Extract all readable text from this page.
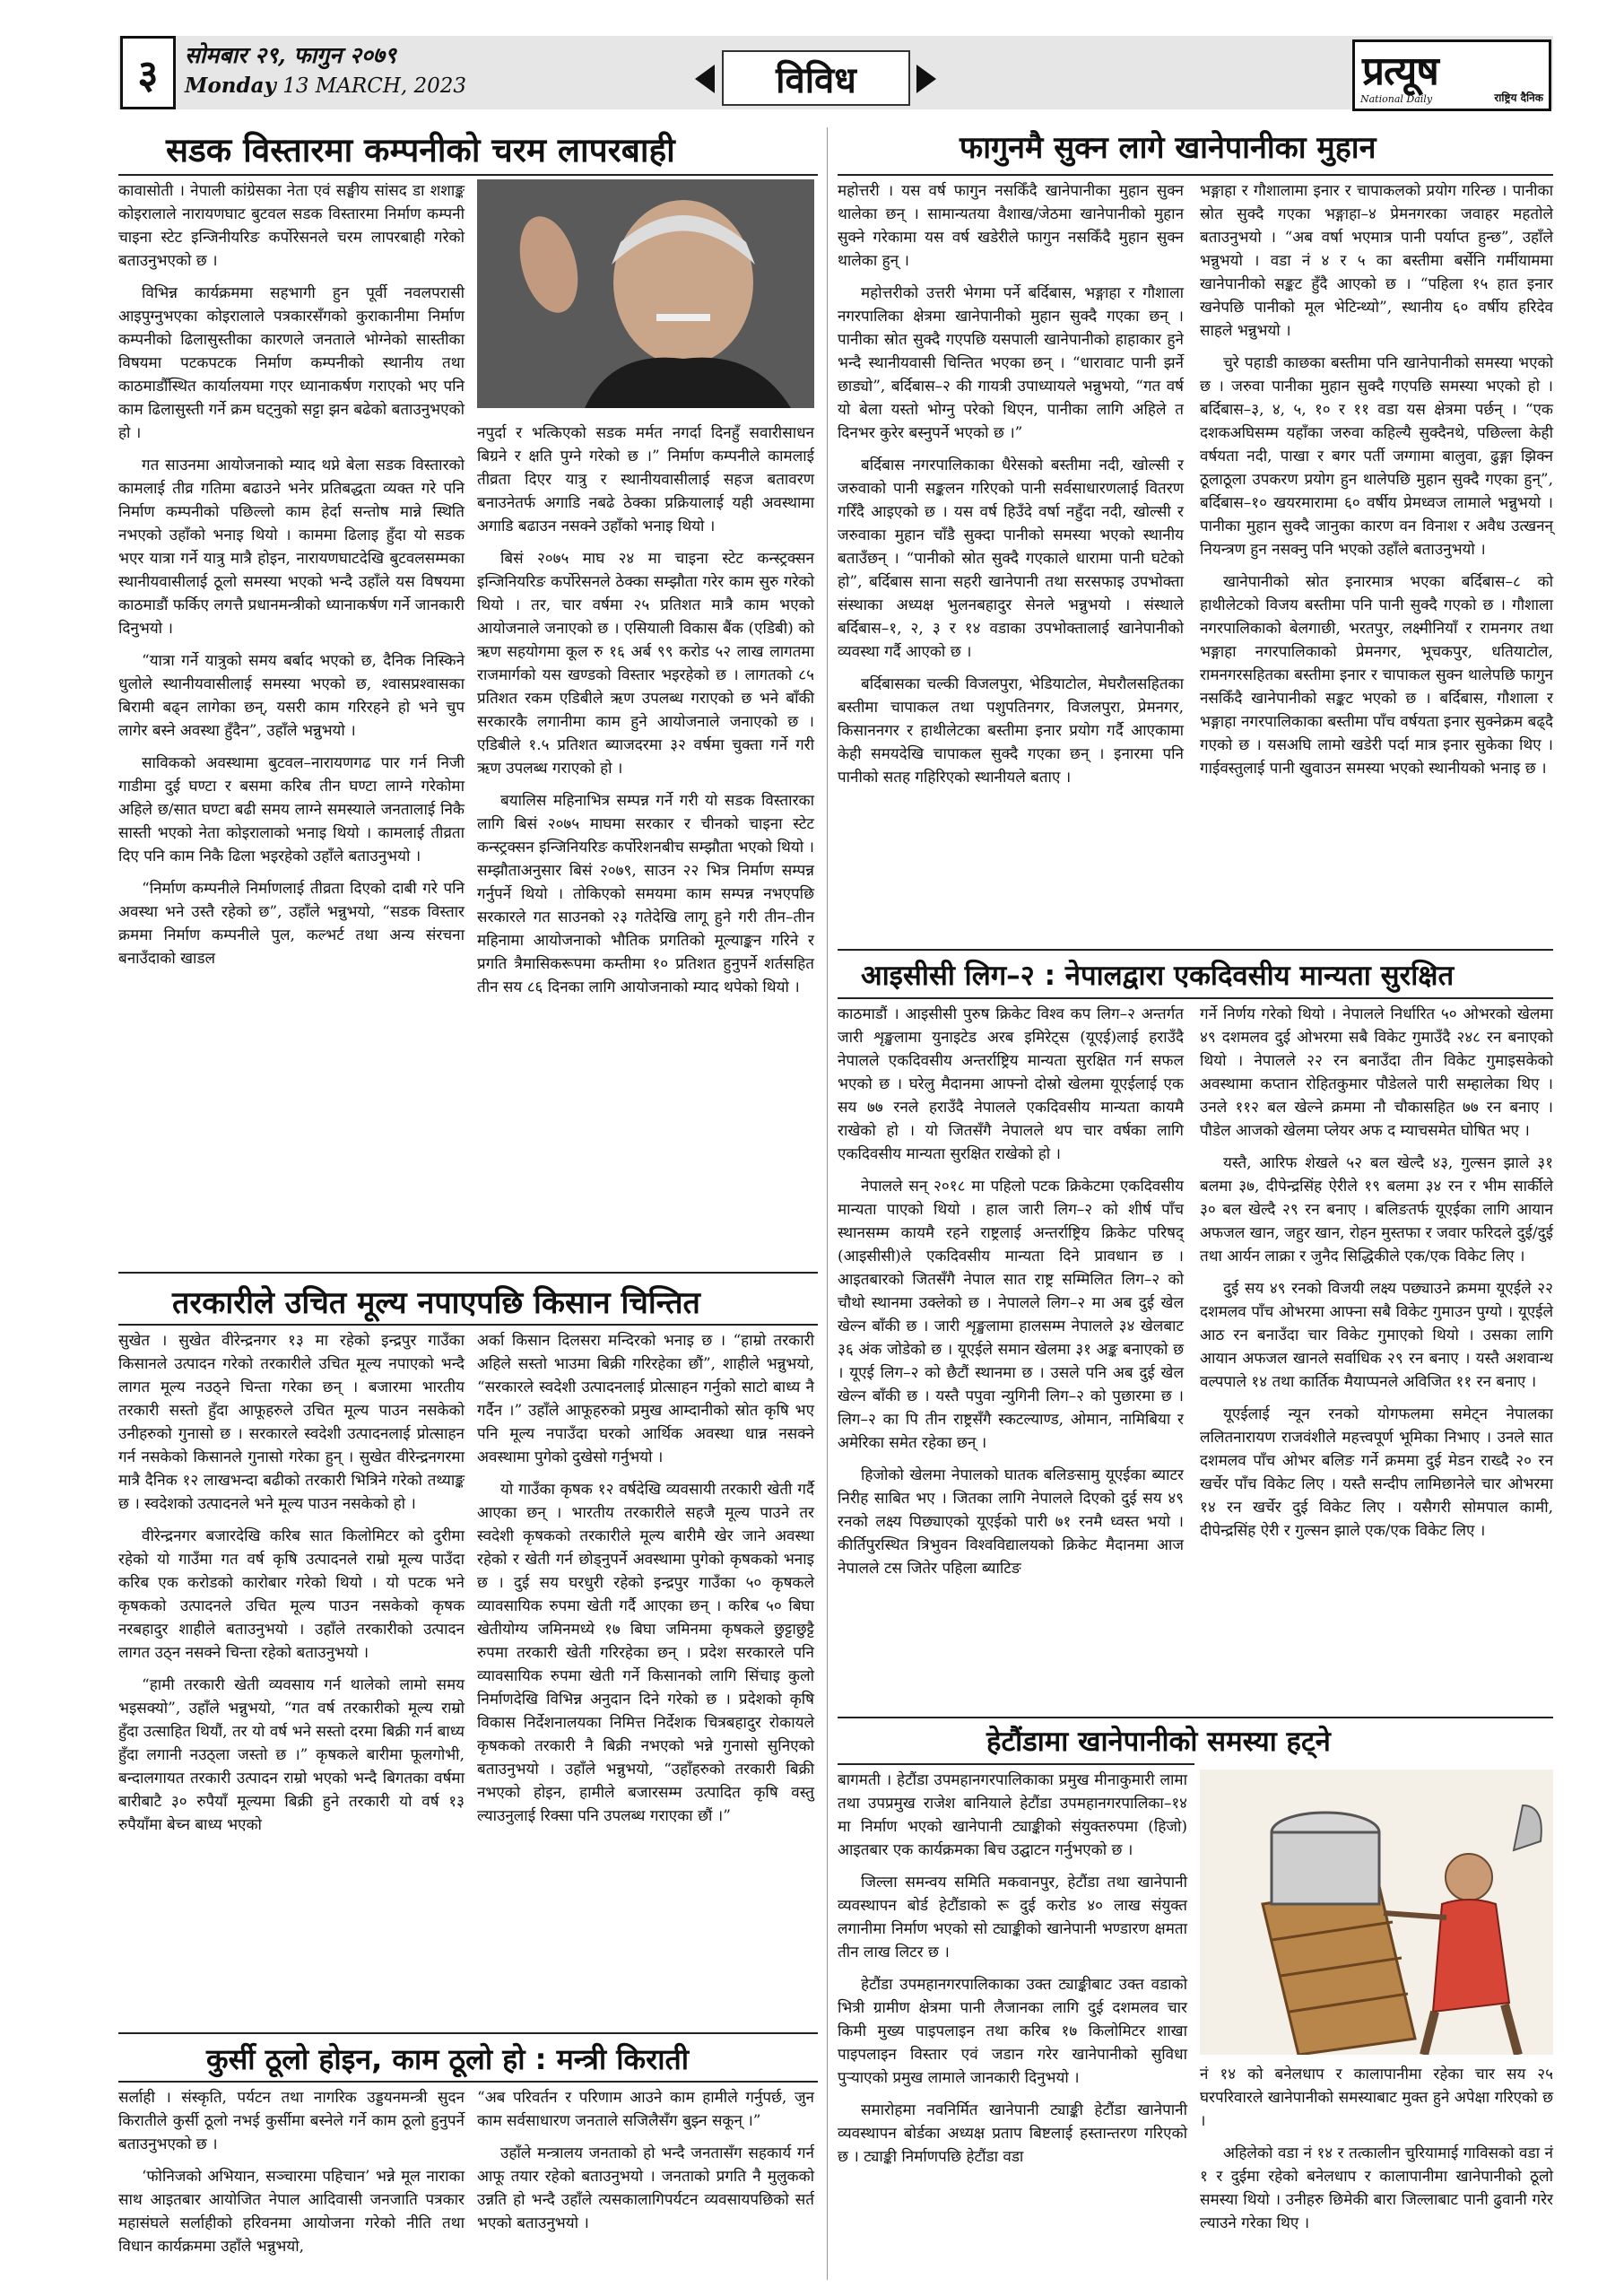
३	सोमबार २९, फागुन २०७९
Monday 13 MARCH, 2023	विविध	प्रत्यूष
National Daily	राष्ट्रिय दैनिक
सडक विस्तारमा कम्पनीको चरम लापरबाही

कावासोती । नेपाली कांग्रेसका नेता एवं सङ्घीय सांसद डा शशाङ्क कोइरालाले नारायणघाट बुटवल सडक विस्तारमा निर्माण कम्पनी चाइना स्टेट इन्जिनीयरिङ कर्पोरेसनले चरम लापरबाही गरेको बताउनुभएको छ ।

विभिन्न कार्यक्रममा सहभागी हुन पूर्वी नवलपरासी आइपुग्नुभएका कोइरालाले पत्रकारसँगको कुराकानीमा निर्माण कम्पनीको ढिलासुस्तीका कारणले जनताले भोग्नेको सास्तीका विषयमा पटकपटक निर्माण कम्पनीको स्थानीय तथा काठमाडौँस्थित कार्यालयमा गएर ध्यानाकर्षण गराएको भए पनि काम ढिलासुस्ती गर्ने क्रम घट्नुको सट्टा झन बढेको बताउनुभएको हो ।

गत साउनमा आयोजनाको म्याद थप्ने बेला सडक विस्तारको कामलाई तीव्र गतिमा बढाउने भनेर प्रतिबद्धता व्यक्त गरे पनि निर्माण कम्पनीको पछिल्लो काम हेर्दा सन्तोष मान्ने स्थिति नभएको उहाँको भनाइ थियो । काममा ढिलाइ हुँदा यो सडक भएर यात्रा गर्ने यात्रु मात्रै होइन, नारायणघाटदेखि बुटवलसम्मका स्थानीयवासीलाई ठूलो समस्या भएको भन्दै उहाँले यस विषयमा काठमाडौं फर्किए लगत्तै प्रधानमन्त्रीको ध्यानाकर्षण गर्ने जानकारी दिनुभयो ।

“यात्रा गर्ने यात्रुको समय बर्बाद भएको छ, दैनिक निस्किने धुलोले स्थानीयवासीलाई समस्या भएको छ, श्वासप्रश्वासका बिरामी बढ्न लागेका छन्, यसरी काम गरिरहने हो भने चुप लागेर बस्ने अवस्था हुँदैन”, उहाँले भन्नुभयो ।

साविकको अवस्थामा बुटवल–नारायणगढ पार गर्न निजी गाडीमा दुई घण्टा र बसमा करिब तीन घण्टा लाग्ने गरेकोमा अहिले छ/सात घण्टा बढी समय लाग्ने समस्याले जनतालाई निकै सास्ती भएको नेता कोइरालाको भनाइ थियो । कामलाई तीव्रता दिए पनि काम निकै ढिला भइरहेको उहाँले बताउनुभयो ।

“निर्माण कम्पनीले निर्माणलाई तीव्रता दिएको दाबी गरे पनि अवस्था भने उस्तै रहेको छ”, उहाँले भन्नुभयो, “सडक विस्तार क्रममा निर्माण कम्पनीले पुल, कल्भर्ट तथा अन्य संरचना बनाउँदाको खाडल

नपुर्दा र भत्किएको सडक मर्मत नगर्दा दिनहुँ सवारीसाधन बिग्रने र क्षति पुग्ने गरेको छ ।” निर्माण कम्पनीले कामलाई तीव्रता दिएर यात्रु र स्थानीयवासीलाई सहज बतावरण बनाउनेतर्फ अगाडि नबढे ठेक्का प्रक्रियालाई यही अवस्थामा अगाडि बढाउन नसक्ने उहाँको भनाइ थियो ।

बिसं २०७५ माघ २४ मा चाइना स्टेट कन्स्ट्रक्सन इन्जिनियरिङ कर्पोरेसनले ठेक्का सम्झौता गरेर काम सुरु गरेको थियो । तर, चार वर्षमा २५ प्रतिशत मात्रै काम भएको आयोजनाले जनाएको छ । एसियाली विकास बैंक (एडिबी) को ऋण सहयोगमा कूल रु १६ अर्ब ९९ करोड ५२ लाख लागतमा राजमार्गको यस खण्डको विस्तार भइरहेको छ । लागतको ८५ प्रतिशत रकम एडिबीले ऋण उपलब्ध गराएको छ भने बाँकी सरकारकै लगानीमा काम हुने आयोजनाले जनाएको छ । एडिबीले १.५ प्रतिशत ब्याजदरमा ३२ वर्षमा चुक्ता गर्ने गरी ऋण उपलब्ध गराएको हो ।

बयालिस महिनाभित्र सम्पन्न गर्ने गरी यो सडक विस्तारका लागि बिसं २०७५ माघमा सरकार र चीनको चाइना स्टेट कन्स्ट्रक्सन इन्जिनियरिङ कर्पोरेशनबीच सम्झौता भएको थियो । सम्झौताअनुसार बिसं २०७९, साउन २२ भित्र निर्माण सम्पन्न गर्नुपर्ने थियो । तोकिएको समयमा काम सम्पन्न नभएपछि सरकारले गत साउनको २३ गतेदेखि लागू हुने गरी तीन–तीन महिनामा आयोजनाको भौतिक प्रगतिको मूल्याङ्कन गरिने र प्रगति त्रैमासिकरूपमा कम्तीमा १० प्रतिशत हुनुपर्ने शर्तसहित तीन सय ८६ दिनका लागि आयोजनाको म्याद थपेको थियो ।

तरकारीले उचित मूल्य नपाएपछि किसान चिन्तित

सुखेत । सुखेत वीरेन्द्रनगर १३ मा रहेको इन्द्रपुर गाउँका किसानले उत्पादन गरेको तरकारीले उचित मूल्य नपाएको भन्दै लागत मूल्य नउठ्ने चिन्ता गरेका छन् । बजारमा भारतीय तरकारी सस्तो हुँदा आफूहरुले उचित मूल्य पाउन नसकेको उनीहरुको गुनासो छ । सरकारले स्वदेशी उत्पादनलाई प्रोत्साहन गर्न नसकेको किसानले गुनासो गरेका हुन् । सुखेत वीरेन्द्रनगरमा मात्रै दैनिक १२ लाखभन्दा बढीको तरकारी भित्रिने गरेको तथ्याङ्क छ । स्वदेशको उत्पादनले भने मूल्य पाउन नसकेको हो ।

वीरेन्द्रनगर बजारदेखि करिब सात किलोमिटर को दुरीमा रहेको यो गाउँमा गत वर्ष कृषि उत्पादनले राम्रो मूल्य पाउँदा करिब एक करोडको कारोबार गरेको थियो । यो पटक भने कृषकको उत्पादनले उचित मूल्य पाउन नसकेको कृषक नरबहादुर शाहीले बताउनुभयो । उहाँले तरकारीको उत्पादन लागत उठ्न नसक्ने चिन्ता रहेको बताउनुभयो ।

“हामी तरकारी खेती व्यवसाय गर्न थालेको लामो समय भइसक्यो”, उहाँले भन्नुभयो, “गत वर्ष तरकारीको मूल्य राम्रो हुँदा उत्साहित थियौं, तर यो वर्ष भने सस्तो दरमा बिक्री गर्न बाध्य हुँदा लगानी नउठ्ला जस्तो छ ।” कृषकले बारीमा फूलगोभी, बन्दालगायत तरकारी उत्पादन राम्रो भएको भन्दै बिगतका वर्षमा बारीबाटै ३० रुपैयाँ मूल्यमा बिक्री हुने तरकारी यो वर्ष १३ रुपैयाँमा बेच्न बाध्य भएको

अर्का किसान दिलसरा मन्दिरको भनाइ छ । “हाम्रो तरकारी अहिले सस्तो भाउमा बिक्री गरिरहेका छौं”, शाहीले भन्नुभयो, “सरकारले स्वदेशी उत्पादनलाई प्रोत्साहन गर्नुको साटो बाध्य नै गर्दैन ।” उहाँले आफूहरुको प्रमुख आम्दानीको स्रोत कृषि भए पनि मूल्य नपाउँदा घरको आर्थिक अवस्था धान्न नसक्ने अवस्थामा पुगेको दुखेसो गर्नुभयो ।

यो गाउँका कृषक १२ वर्षदेखि व्यवसायी तरकारी खेती गर्दै आएका छन् । भारतीय तरकारीले सहजै मूल्य पाउने तर स्वदेशी कृषकको तरकारीले मूल्य बारीमै खेर जाने अवस्था रहेको र खेती गर्न छोड्नुपर्ने अवस्थामा पुगेको कृषकको भनाइ छ । दुई सय घरधुरी रहेको इन्द्रपुर गाउँका ५० कृषकले व्यावसायिक रुपमा खेती गर्दै आएका छन् । करिब ५० बिघा खेतीयोग्य जमिनमध्ये १७ बिघा जमिनमा कृषकले छुट्टाछुट्टै रुपमा तरकारी खेती गरिरहेका छन् । प्रदेश सरकारले पनि व्यावसायिक रुपमा खेती गर्ने किसानको लागि सिंचाइ कुलो निर्माणदेखि विभिन्न अनुदान दिने गरेको छ । प्रदेशको कृषि विकास निर्देशनालयका निमित्त निर्देशक चित्रबहादुर रोकायले कृषकको तरकारी नै बिक्री नभएको भन्ने गुनासो सुनिएको बताउनुभयो । उहाँले भन्नुभयो, “उहाँहरुको तरकारी बिक्री नभएको होइन, हामीले बजारसम्म उत्पादित कृषि वस्तु ल्याउनुलाई रिक्सा पनि उपलब्ध गराएका छौं ।”

कुर्सी ठूलो होइन, काम ठूलो हो : मन्त्री किराती

सर्लाही । संस्कृति, पर्यटन तथा नागरिक उड्डयनमन्त्री सुदन किरातीले कुर्सी ठूलो नभई कुर्सीमा बस्नेले गर्ने काम ठूलो हुनुपर्ने बताउनुभएको छ ।

‘फोनिजको अभियान, सञ्चारमा पहिचान’ भन्ने मूल नाराका साथ आइतबार आयोजित नेपाल आदिवासी जनजाति पत्रकार महासंघले सर्लाहीको हरिवनमा आयोजना गरेको नीति तथा विधान कार्यक्रममा उहाँले भन्नुभयो,

“अब परिवर्तन र परिणाम आउने काम हामीले गर्नुपर्छ, जुन काम सर्वसाधारण जनताले सजिलैसँग बुझ्न सकून् ।”

उहाँले मन्त्रालय जनताको हो भन्दै जनतासँग सहकार्य गर्न आफू तयार रहेको बताउनुभयो । जनताको प्रगति नै मुलुकको उन्नति हो भन्दै उहाँले त्यसकालागिपर्यटन व्यवसायपछिको सर्त भएको बताउनुभयो ।

फागुनमै सुक्न लागे खानेपानीका मुहान

महोत्तरी । यस वर्ष फागुन नसकिँदै खानेपानीका मुहान सुक्न थालेका छन् । सामान्यतया वैशाख/जेठमा खानेपानीको मुहान सुक्ने गरेकामा यस वर्ष खडेरीले फागुन नसकिँदै मुहान सुक्न थालेका हुन् ।

महोत्तरीको उत्तरी भेगमा पर्ने बर्दिबास, भङ्गाहा र गौशाला नगरपालिका क्षेत्रमा खानेपानीको मुहान सुक्दै गएका छन् । पानीका स्रोत सुक्दै गएपछि यसपाली खानेपानीको हाहाकार हुने भन्दै स्थानीयवासी चिन्तित भएका छन् । “धारावाट पानी झर्ने छाड्यो”, बर्दिबास–२ की गायत्री उपाध्यायले भन्नुभयो, “गत वर्ष यो बेला यस्तो भोग्नु परेको थिएन, पानीका लागि अहिले त दिनभर कुरेर बस्नुपर्ने भएको छ ।”

बर्दिबास नगरपालिकाका धैरेसको बस्तीमा नदी, खोल्सी र जरुवाको पानी सङ्कलन गरिएको पानी सर्वसाधारणलाई वितरण गरिँदै आइएको छ । यस वर्ष हिउँदे वर्षा नहुँदा नदी, खोल्सी र जरुवाका मुहान चाँडै सुक्दा पानीको समस्या भएको स्थानीय बताउँछन् । “पानीको स्रोत सुक्दै गएकाले धारामा पानी घटेको हो”, बर्दिबास साना सहरी खानेपानी तथा सरसफाइ उपभोक्ता संस्थाका अध्यक्ष भुलनबहादुर सेनले भन्नुभयो । संस्थाले बर्दिबास–१, २, ३ र १४ वडाका उपभोक्तालाई खानेपानीको व्यवस्था गर्दै आएको छ ।

बर्दिबासका चल्की विजलपुरा, भेडियाटोल, मेघरौलसहितका बस्तीमा चापाकल तथा पशुपतिनगर, विजलपुरा, प्रेमनगर, किसाननगर र हाथीलेटका बस्तीमा इनार प्रयोग गर्दै आएकामा केही समयदेखि चापाकल सुक्दै गएका छन् । इनारमा पनि पानीको सतह गहिरिएको स्थानीयले बताए ।

भङ्गाहा र गौशालामा इनार र चापाकलको प्रयोग गरिन्छ । पानीका स्रोत सुक्दै गएका भङ्गाहा–४ प्रेमनगरका जवाहर महतोले बताउनुभयो । “अब वर्षा भएमात्र पानी पर्याप्त हुन्छ”, उहाँले भन्नुभयो । वडा नं ४ र ५ का बस्तीमा बर्सेनि गर्मीयाममा खानेपानीको सङ्कट हुँदै आएको छ । “पहिला १५ हात इनार खनेपछि पानीको मूल भेटिन्थ्यो”, स्थानीय ६० वर्षीय हरिदेव साहले भन्नुभयो ।

चुरे पहाडी काछका बस्तीमा पनि खानेपानीको समस्या भएको छ । जरुवा पानीका मुहान सुक्दै गएपछि समस्या भएको हो । बर्दिबास–३, ४, ५, १० र ११ वडा यस क्षेत्रमा पर्छन् । “एक दशकअघिसम्म यहाँका जरुवा कहिल्यै सुक्दैनथे, पछिल्ला केही वर्षयता नदी, पाखा र बगर पर्ती जग्गामा बालुवा, ढुङ्गा झिक्न ठूलाठूला उपकरण प्रयोग हुन थालेपछि मुहान सुक्दै गएका हुन्”, बर्दिबास–१० खयरमारामा ६० वर्षीय प्रेमध्वज लामाले भन्नुभयो । पानीका मुहान सुक्दै जानुका कारण वन विनाश र अवैध उत्खनन् नियन्त्रण हुन नसक्नु पनि भएको उहाँले बताउनुभयो ।

खानेपानीको स्रोत इनारमात्र भएका बर्दिबास–८ को हाथीलेटको विजय बस्तीमा पनि पानी सुक्दै गएको छ । गौशाला नगरपालिकाको बेलगाछी, भरतपुर, लक्ष्मीनियाँ र रामनगर तथा भङ्गाहा नगरपालिकाको प्रेमनगर, भूचकपुर, धतियाटोल, रामनगरसहितका बस्तीमा इनार र चापाकल सुक्न थालेपछि फागुन नसकिँदै खानेपानीको सङ्कट भएको छ । बर्दिबास, गौशाला र भङ्गाहा नगरपालिकाका बस्तीमा पाँच वर्षयता इनार सुक्नेक्रम बढ्दै गएको छ । यसअघि लामो खडेरी पर्दा मात्र इनार सुकेका थिए । गाईवस्तुलाई पानी खुवाउन समस्या भएको स्थानीयको भनाइ छ ।

आइसीसी लिग–२ : नेपालद्वारा एकदिवसीय मान्यता सुरक्षित

काठमाडौं । आइसीसी पुरुष क्रिकेट विश्व कप लिग–२ अन्तर्गत जारी शृङ्खलामा युनाइटेड अरब इमिरेट्स (यूएई)लाई हराउँदै नेपालले एकदिवसीय अन्तर्राष्ट्रिय मान्यता सुरक्षित गर्न सफल भएको छ । घरेलु मैदानमा आफ्नो दोस्रो खेलमा यूएईलाई एक सय ७७ रनले हराउँदै नेपालले एकदिवसीय मान्यता कायमै राखेको हो । यो जितसँगै नेपालले थप चार वर्षका लागि एकदिवसीय मान्यता सुरक्षित राखेको हो ।

नेपालले सन् २०१८ मा पहिलो पटक क्रिकेटमा एकदिवसीय मान्यता पाएको थियो । हाल जारी लिग–२ को शीर्ष पाँच स्थानसम्म कायमै रहने राष्ट्रलाई अन्तर्राष्ट्रिय क्रिकेट परिषद् (आइसीसी)ले एकदिवसीय मान्यता दिने प्रावधान छ । आइतबारको जितसँगै नेपाल सात राष्ट्र सम्मिलित लिग–२ को चौथो स्थानमा उक्लेको छ । नेपालले लिग–२ मा अब दुई खेल खेल्न बाँकी छ । जारी शृङ्खलामा हालसम्म नेपालले ३४ खेलबाट ३६ अंक जोडेको छ । यूएईले समान खेलमा ३१ अङ्क बनाएको छ । यूएई लिग–२ को छैटौं स्थानमा छ । उसले पनि अब दुई खेल खेल्न बाँकी छ । यस्तै पपुवा न्युगिनी लिग–२ को पुछारमा छ । लिग–२ का पि तीन राष्ट्रसँगै स्कटल्याण्ड, ओमान, नामिबिया र अमेरिका समेत रहेका छन् ।

हिजोको खेलमा नेपालको घातक बलिङसामु यूएईका ब्याटर निरीह साबित भए । जितका लागि नेपालले दिएको दुई सय ४९ रनको लक्ष्य पिछ्याएको यूएईको पारी ७१ रनमै ध्वस्त भयो । कीर्तिपुरस्थित त्रिभुवन विश्वविद्यालयको क्रिकेट मैदानमा आज नेपालले टस जितेर पहिला ब्याटिङ

गर्ने निर्णय गरेको थियो । नेपालले निर्धारित ५० ओभरको खेलमा ४९ दशमलव दुई ओभरमा सबै विकेट गुमाउँदै २४८ रन बनाएको थियो । नेपालले २२ रन बनाउँदा तीन विकेट गुमाइसकेको अवस्थामा कप्तान रोहितकुमार पौडेलले पारी सम्हालेका थिए । उनले ११२ बल खेल्ने क्रममा नौ चौकासहित ७७ रन बनाए । पौडेल आजको खेलमा प्लेयर अफ द म्याचसमेत घोषित भए ।

यस्तै, आरिफ शेखले ५२ बल खेल्दै ४३, गुल्सन झाले ३१ बलमा ३७, दीपेन्द्रसिंह ऐरीले १९ बलमा ३४ रन र भीम सार्कीले ३० बल खेल्दै २९ रन बनाए । बलिङतर्फ यूएईका लागि आयान अफजल खान, जहुर खान, रोहन मुस्तफा र जवार फरिदले दुई/दुई तथा आर्यन लाक्रा र जुनैद सिद्धिकीले एक/एक विकेट लिए ।

दुई सय ४९ रनको विजयी लक्ष्य पछ्याउने क्रममा यूएईले २२ दशमलव पाँच ओभरमा आफ्ना सबै विकेट गुमाउन पुग्यो । यूएईले आठ रन बनाउँदा चार विकेट गुमाएको थियो । उसका लागि आयान अफजल खानले सर्वाधिक २९ रन बनाए । यस्तै अशवान्थ वल्पपाले १४ तथा कार्तिक मैयाप्पनले अविजित ११ रन बनाए ।

यूएईलाई न्यून रनको योगफलमा समेट्न नेपालका ललितनारायण राजवंशीले महत्त्वपूर्ण भूमिका निभाए । उनले सात दशमलव पाँच ओभर बलिङ गर्ने क्रममा दुई मेडन राख्दै २० रन खर्चेर पाँच विकेट लिए । यस्तै सन्दीप लामिछानेले चार ओभरमा १४ रन खर्चेर दुई विकेट लिए । यसैगरी सोमपाल कामी, दीपेन्द्रसिंह ऐरी र गुल्सन झाले एक/एक विकेट लिए ।

हेटौंडामा खानेपानीको समस्या हट्ने

बागमती । हेटौंडा उपमहानगरपालिकाका प्रमुख मीनाकुमारी लामा तथा उपप्रमुख राजेश बानियाले हेटौंडा उपमहानगरपालिका–१४ मा निर्माण भएको खानेपानी ट्याङ्कीको संयुक्तरुपमा (हिजो) आइतबार एक कार्यक्रमका बिच उद्घाटन गर्नुभएको छ ।

जिल्ला समन्वय समिति मकवानपुर, हेटौंडा तथा खानेपानी व्यवस्थापन बोर्ड हेटौंडाको रू दुई करोड ४० लाख संयुक्त लगानीमा निर्माण भएको सो ट्याङ्कीको खानेपानी भण्डारण क्षमता तीन लाख लिटर छ ।

हेटौंडा उपमहानगरपालिकाका उक्त ट्याङ्कीबाट उक्त वडाको भित्री ग्रामीण क्षेत्रमा पानी लैजानका लागि दुई दशमलव चार किमी मुख्य पाइपलाइन तथा करिब १७ किलोमिटर शाखा पाइपलाइन विस्तार एवं जडान गरेर खानेपानीको सुविधा पुऱ्याएको प्रमुख लामाले जानकारी दिनुभयो ।

समारोहमा नवनिर्मित खानेपानी ट्याङ्की हेटौंडा खानेपानी व्यवस्थापन बोर्डका अध्यक्ष प्रताप बिष्टलाई हस्तान्तरण गरिएको छ । ट्याङ्की निर्माणपछि हेटौंडा वडा

नं १४ को बनेलधाप र कालापानीमा रहेका चार सय २५ घरपरिवारले खानेपानीको समस्याबाट मुक्त हुने अपेक्षा गरिएको छ ।

अहिलेको वडा नं १४ र तत्कालीन चुरियामाई गाविसको वडा नं १ र दुईमा रहेको बनेलधाप र कालापानीमा खानेपानीको ठूलो समस्या थियो । उनीहरु छिमेकी बारा जिल्लाबाट पानी ढुवानी गरेर ल्याउने गरेका थिए ।
